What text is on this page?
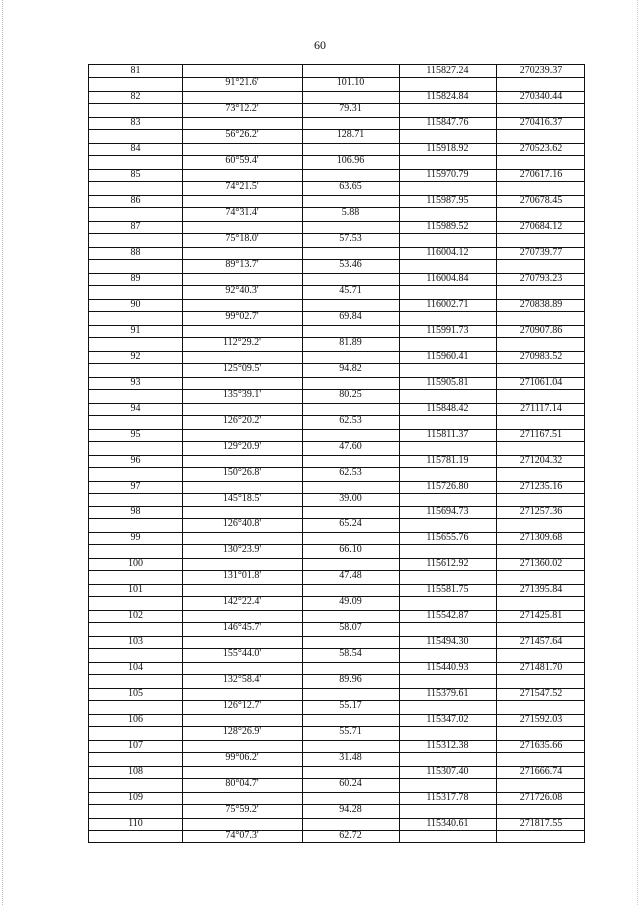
60
81	115827.24	270239.37
91°21.6'	101.10
82	115824.84	270340.44
73°12.2'	79.31
83	115847.76	270416.37
56°26.2'	128.71
84	115918.92	270523.62
60°59.4'	106.96
85	115970.79	270617.16
74°21.5'	63.65
86	115987.95	270678.45
74°31.4'	5.88
87	115989.52	270684.12
75°18.0'	57.53
88	116004.12	270739.77
89°13.7'	53.46
89	116004.84	270793.23
92°40.3'	45.71
90	116002.71	270838.89
99°02.7'	69.84
91	115991.73	270907.86
112°29.2'	81.89
92	115960.41	270983.52
125°09.5'	94.82
93	115905.81	271061.04
135°39.1'	80.25
94	115848.42	271117.14
126°20.2'	62.53
95	115811.37	271167.51
129°20.9'	47.60
96	115781.19	271204.32
150°26.8'	62.53
97	115726.80	271235.16
145°18.5'	39.00
98	115694.73	271257.36
126°40.8'	65.24
99	115655.76	271309.68
130°23.9'	66.10
100	115612.92	271360.02
131°01.8'	47.48
101	115581.75	271395.84
142°22.4'	49.09
102	115542.87	271425.81
146°45.7'	58.07
103	115494.30	271457.64
155°44.0'	58.54
104	115440.93	271481.70
132°58.4'	89.96
105	115379.61	271547.52
126°12.7'	55.17
106	115347.02	271592.03
128°26.9'	55.71
107	115312.38	271635.66
99°06.2'	31.48
108	115307.40	271666.74
80°04.7'	60.24
109	115317.78	271726.08
75°59.2'	94.28
110	115340.61	271817.55
74°07.3'	62.72
